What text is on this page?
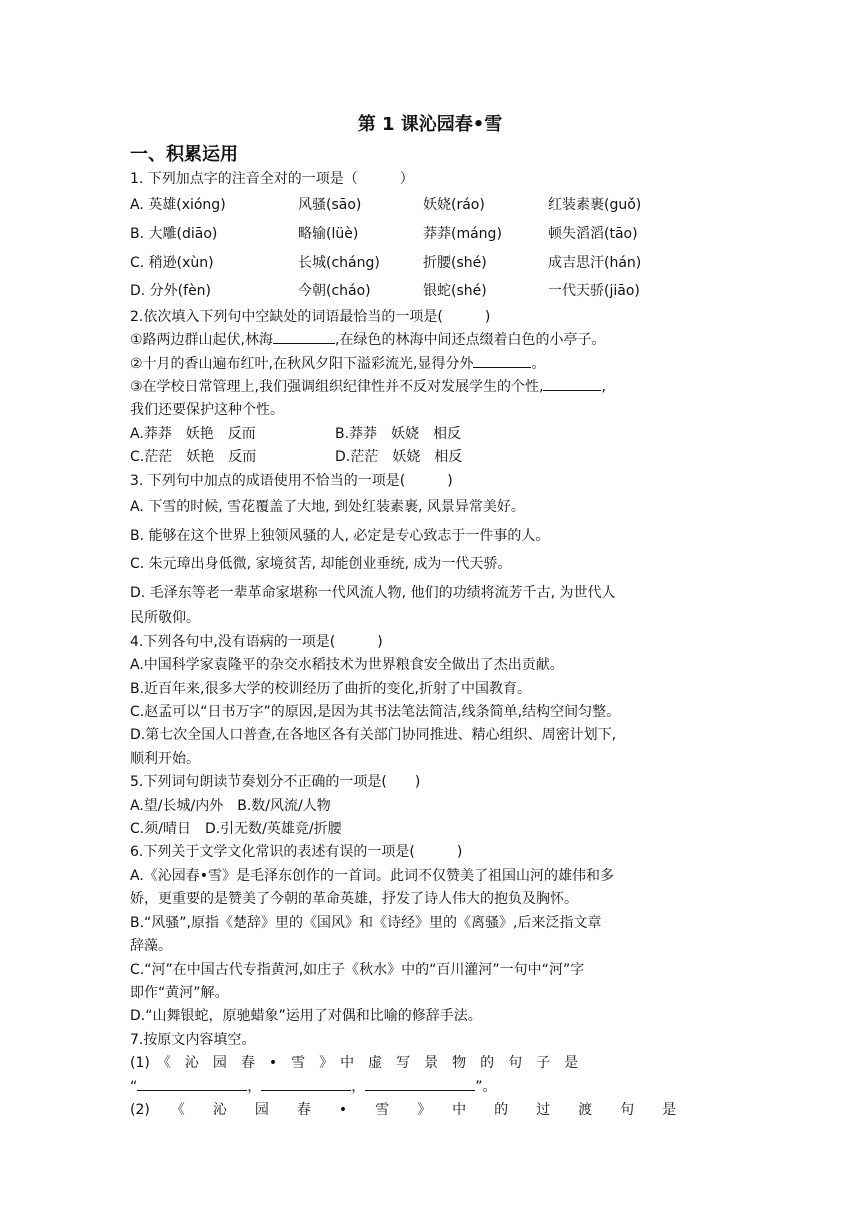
第 1 课沁园春•雪
一、积累运用
1. 下列加点字的注音全对的一项是（　　　）
A. 英雄(xióng)	风骚(sāo)	妖娆(ráo)	红装素裹(guǒ)
B. 大雕(diāo)	略输(lüè)	莽莽(máng)	顿失滔滔(tāo)
C. 稍逊(xùn)	长城(cháng)	折腰(shé)	成吉思汗(hán)
D. 分外(fèn)	今朝(cháo)	银蛇(shé)	一代天骄(jiāo)
2.依次填入下列句中空缺处的词语最恰当的一项是(　　　)
①路两边群山起伏,林海	,在绿色的林海中间还点缀着白色的小亭子。
②十月的香山遍布红叶,在秋风夕阳下溢彩流光,显得分外	。
③在学校日常管理上,我们强调组织纪律性并不反对发展学生的个性,	,
我们还要保护这种个性。
A.莽莽　妖艳　反而	B.莽莽　妖娆　相反
C.茫茫　妖艳　反而	D.茫茫　妖娆　相反
3. 下列句中加点的成语使用不恰当的一项是(　　　)
A. 下雪的时候, 雪花覆盖了大地, 到处红装素裹, 风景异常美好。
B. 能够在这个世界上独领风骚的人, 必定是专心致志于一件事的人。
C. 朱元璋出身低微, 家境贫苦, 却能创业垂统, 成为一代天骄。
D. 毛泽东等老一辈革命家堪称一代风流人物, 他们的功绩将流芳千古, 为世代人
民所敬仰。
4.下列各句中,没有语病的一项是(　　　)
A.中国科学家袁隆平的杂交水稻技术为世界粮食安全做出了杰出贡献。
B.近百年来,很多大学的校训经历了曲折的变化,折射了中国教育。
C.赵孟可以“日书万字”的原因,是因为其书法笔法简洁,线条简单,结构空间匀整。
D.第七次全国人口普查,在各地区各有关部门协同推进、精心组织、周密计划下,
顺利开始。
5.下列词句朗读节奏划分不正确的一项是(　　)
A.望/长城/内外　B.数/风流/人物
C.须/晴日　D.引无数/英雄竞/折腰
6.下列关于文学文化常识的表述有误的一项是(　　　)
A.《沁园春•雪》是毛泽东创作的一首词。此词不仅赞美了祖国山河的雄伟和多
娇，更重要的是赞美了今朝的革命英雄，抒发了诗人伟大的抱负及胸怀。
B.“风骚”,原指《楚辞》里的《国风》和《诗经》里的《离骚》,后来泛指文章
辞藻。
C.“河”在中国古代专指黄河,如庄子《秋水》中的“百川灌河”一句中“河”字
即作“黄河”解。
D.“山舞银蛇，原驰蜡象”运用了对偶和比喻的修辞手法。
7.按原文内容填空。
(1)　《　沁　园　春　•　雪　》　中　虚　写　景　物　的　句　子　是
“	，	，	”。
(2)　　《　　沁　　园　　春　　•　　雪　　》　　中　　的　　过　　渡　　句　　是
